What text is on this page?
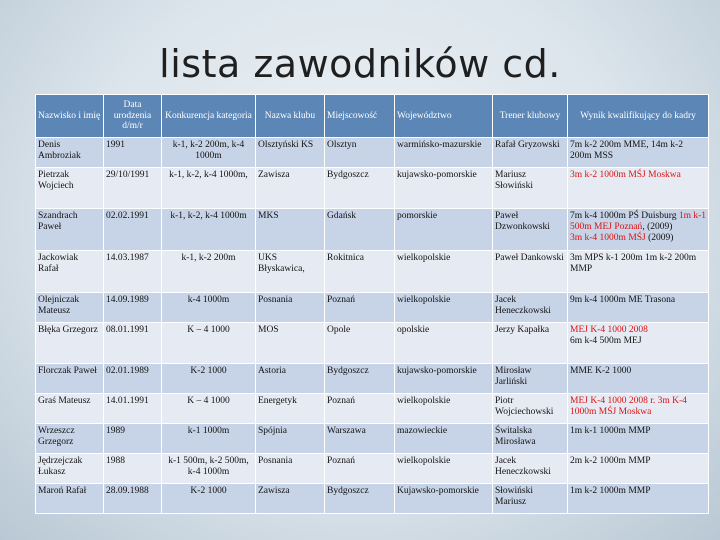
lista zawodników cd.
Nazwisko i imię	Data urodzenia d/m/r	Konkurencja kategoria	Nazwa klubu	Miejscowość	Województwo	Trener klubowy	Wynik kwalifikujący do kadry
Denis Ambroziak	1991	k-1, k-2 200m, k-4 1000m	Olsztyński KS	Olsztyn	warmińsko-mazurskie	Rafał Gryzowski	7m k-2 200m MME, 14m k-2 200m MSS
Pietrzak Wojciech	29/10/1991	k-1, k-2, k-4 1000m,	Zawisza	Bydgoszcz	kujawsko-pomorskie	Mariusz Słowiński	3m k-2 1000m MŚJ Moskwa
Szandrach Paweł	02.02.1991	k-1, k-2, k-4 1000m	MKS	Gdańsk	pomorskie	Paweł Dzwonkowski	7m k-4 1000m PŚ Duisburg 1m k-1 500m MEJ Poznań, (2009)
3m k-4 1000m MŚJ (2009)
Jackowiak Rafał	14.03.1987	k-1, k-2 200m	UKS Błyskawica,	Rokitnica	wielkopolskie	Paweł Dankowski	3m MPS k-1 200m 1m k-2 200m MMP
Olejniczak Mateusz	14.09.1989	k-4 1000m	Posnania	Poznań	wielkopolskie	Jacek Heneczkowski	9m k-4 1000m ME Trasona
Błęka Grzegorz	08.01.1991	K – 4 1000	MOS	Opole	opolskie	Jerzy Kapałka	MEJ K-4 1000 2008
6m k-4 500m MEJ
Florczak Paweł	02.01.1989	K-2 1000	Astoria	Bydgoszcz	kujawsko-pomorskie	Mirosław Jarliński	MME K-2 1000
Graś Mateusz	14.01.1991	K – 4 1000	Energetyk	Poznań	wielkopolskie	Piotr Wojciechowski	MEJ K-4 1000 2008 r. 3m K-4 1000m MŚJ Moskwa
Wrzeszcz Grzegorz	1989	k-1 1000m	Spójnia	Warszawa	mazowieckie	Świtalska Mirosława	1m k-1 1000m MMP
Jędrzejczak Łukasz	1988	k-1 500m, k-2 500m, k-4 1000m	Posnania	Poznań	wielkopolskie	Jacek Heneczkowski	2m k-2 1000m MMP
Maroń Rafał	28.09.1988	K-2 1000	Zawisza	Bydgoszcz	Kujawsko-pomorskie	Słowiński Mariusz	1m k-2 1000m MMP
